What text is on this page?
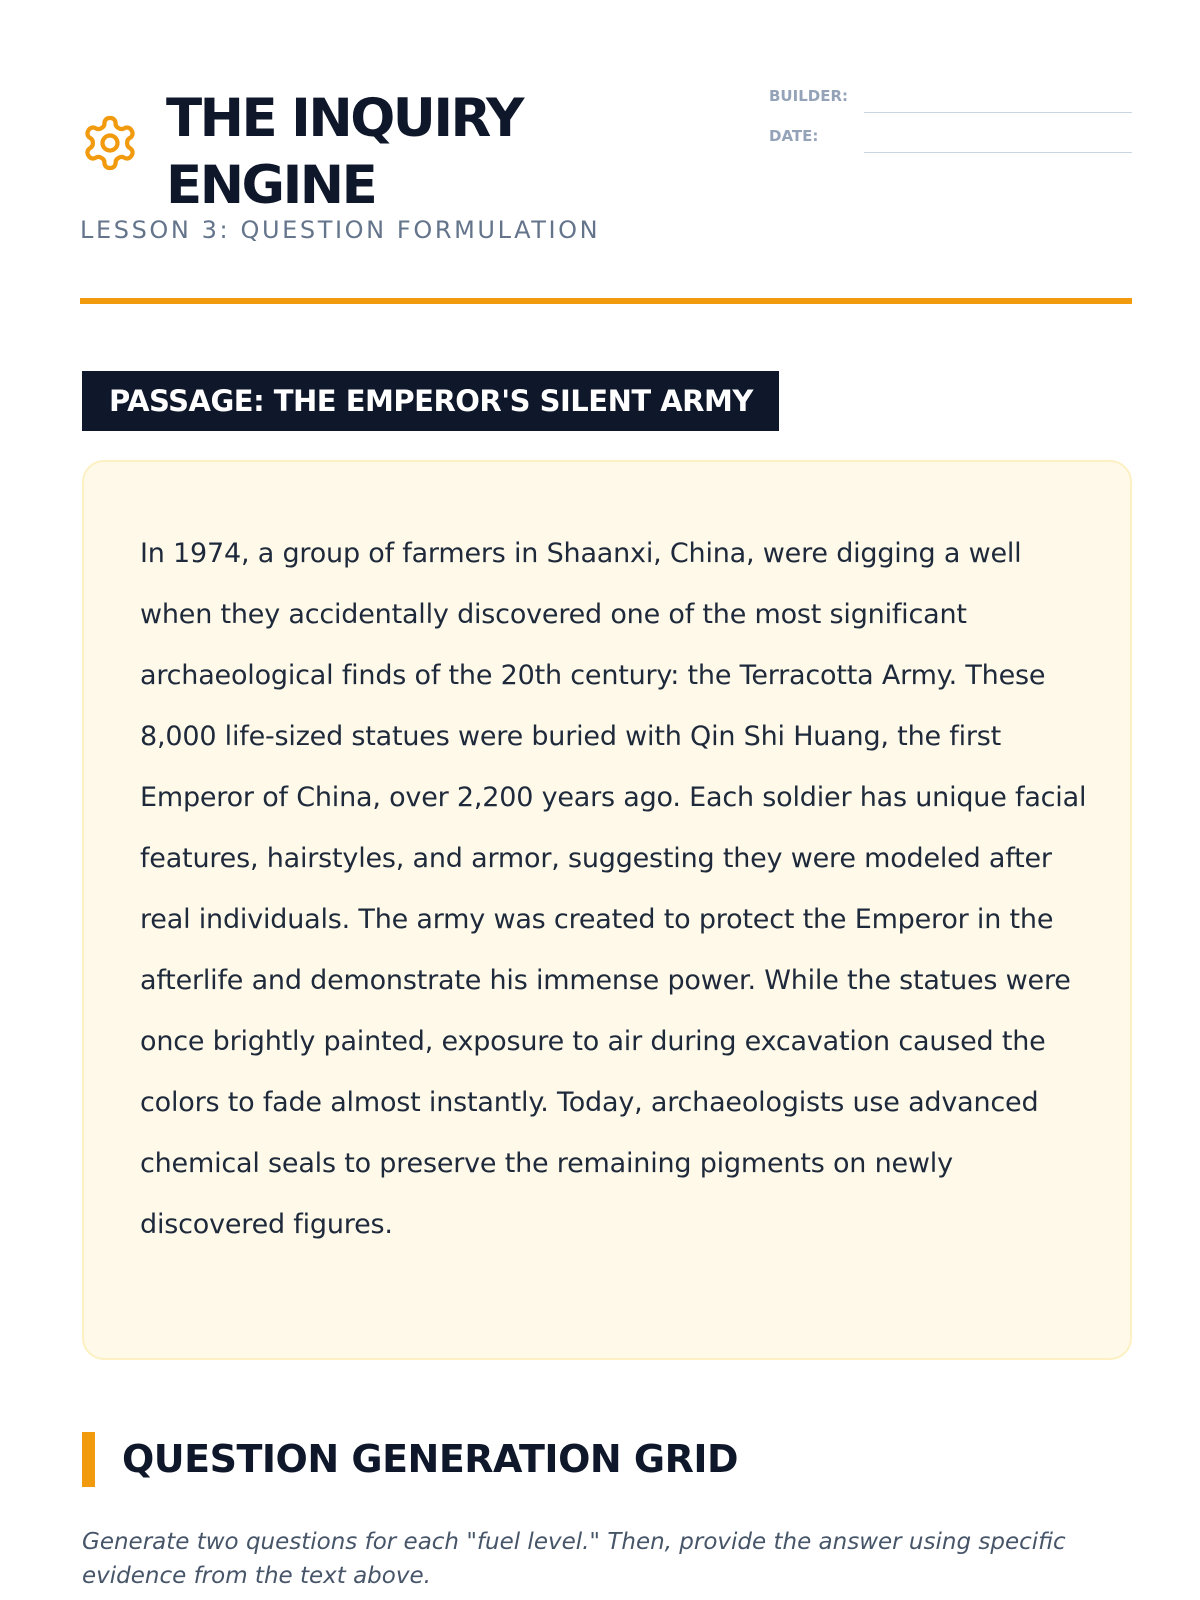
THE INQUIRY ENGINE
LESSON 3: QUESTION FORMULATION
BUILDER:
DATE:
PASSAGE: THE EMPEROR'S SILENT ARMY

In 1974, a group of farmers in Shaanxi, China, were digging a well when they accidentally discovered one of the most significant archaeological finds of the 20th century: the Terracotta Army. These 8,000 life-sized statues were buried with Qin Shi Huang, the first Emperor of China, over 2,200 years ago. Each soldier has unique facial features, hairstyles, and armor, suggesting they were modeled after real individuals. The army was created to protect the Emperor in the afterlife and demonstrate his immense power. While the statues were once brightly painted, exposure to air during excavation caused the colors to fade almost instantly. Today, archaeologists use advanced chemical seals to preserve the remaining pigments on newly discovered figures.

QUESTION GENERATION GRID

Generate two questions for each "fuel level." Then, provide the answer using specific evidence from the text above.
